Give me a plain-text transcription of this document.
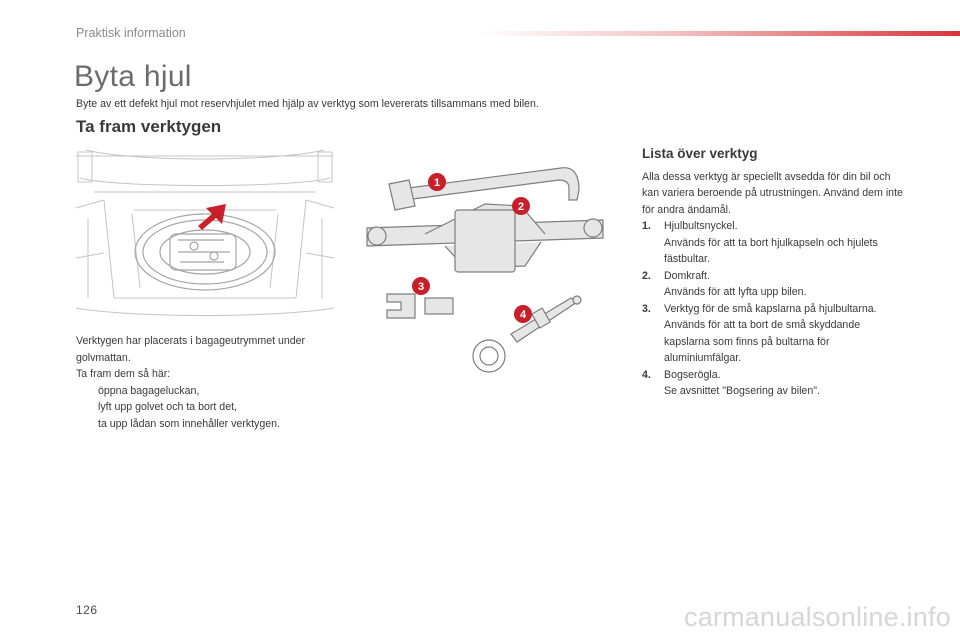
Praktisk information
Byta hjul
Byte av ett defekt hjul mot reservhjulet med hjälp av verktyg som levererats tillsammans med bilen.
Ta fram verktygen
1
2
3
4

Verktygen har placerats i bagageutrymmet under golvmattan.

Ta fram dem så här:

öppna bagageluckan,
lyft upp golvet och ta bort det,
ta upp lådan som innehåller verktygen.
Lista över verktyg

Alla dessa verktyg är speciellt avsedda för din bil och kan variera beroende på utrustningen. Använd dem inte för andra ändamål.

1.	Hjulbultsnyckel.

Används för att ta bort hjulkapseln och hjulets fästbultar.

2.	Domkraft.

Används för att lyfta upp bilen.

3.	Verktyg för de små kapslarna på hjulbultarna.

Används för att ta bort de små skyddande kapslarna som finns på bultarna för aluminiumfälgar.

4.	Bogserögla.

Se avsnittet "Bogsering av bilen".

126	carmanualsonline.info
